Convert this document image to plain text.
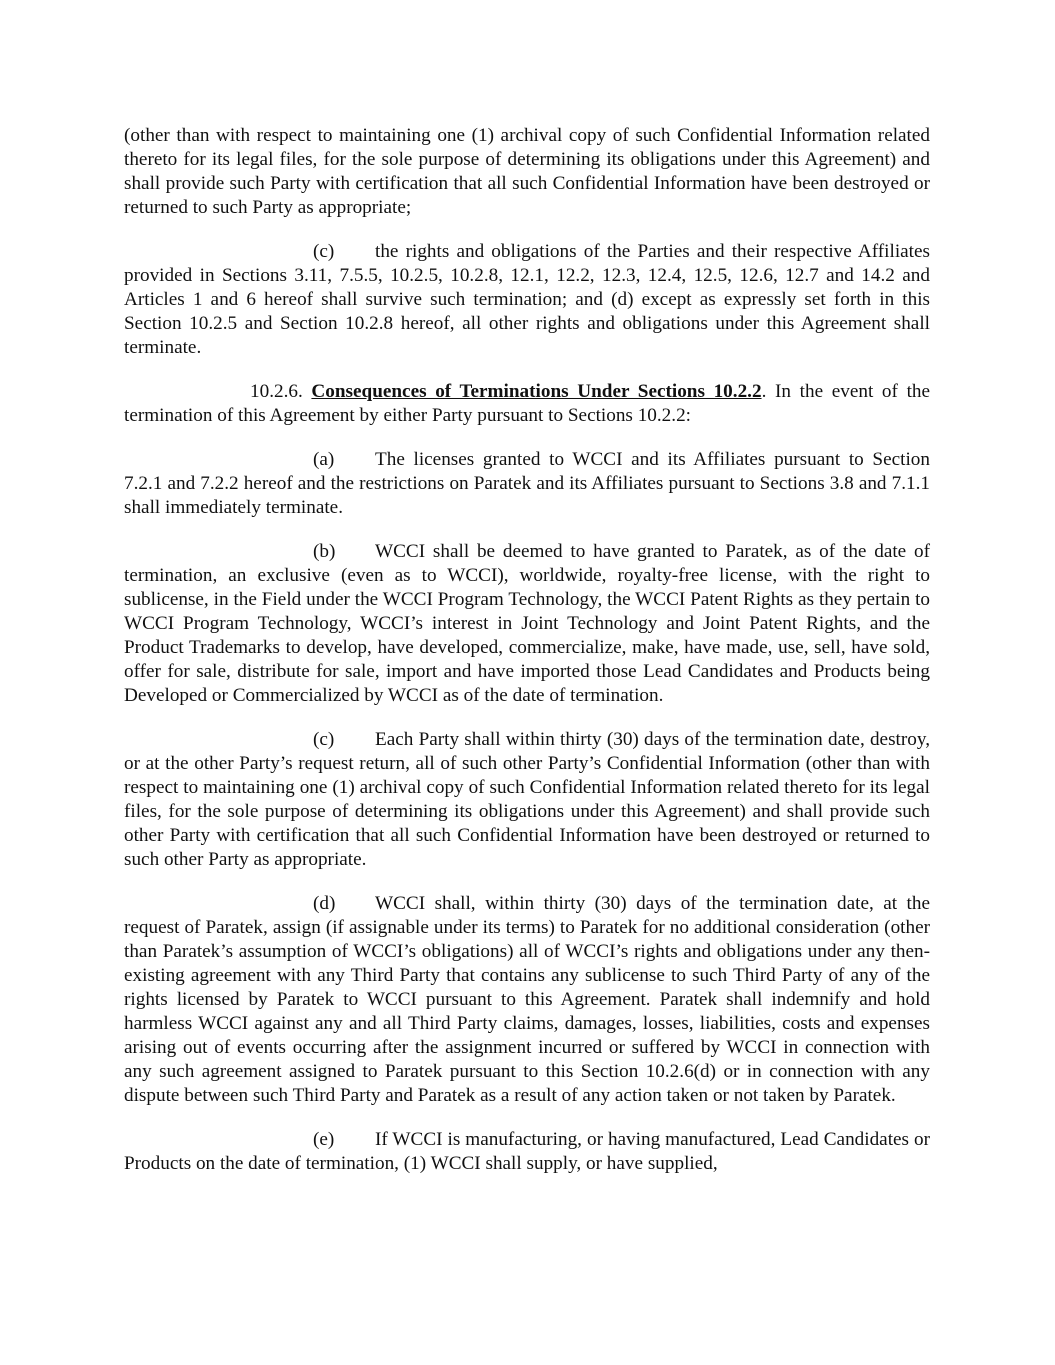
(other than with respect to maintaining one (1) archival copy of such Confidential Information related thereto for its legal files, for the sole purpose of determining its obligations under this Agreement) and shall provide such Party with certification that all such Confidential Information have been destroyed or returned to such Party as appropriate;

(c) the rights and obligations of the Parties and their respective Affiliates provided in Sections 3.11, 7.5.5, 10.2.5, 10.2.8, 12.1, 12.2, 12.3, 12.4, 12.5, 12.6, 12.7 and 14.2 and Articles 1 and 6 hereof shall survive such termination; and (d) except as expressly set forth in this Section 10.2.5 and Section 10.2.8 hereof, all other rights and obligations under this Agreement shall terminate.

10.2.6. Consequences of Terminations Under Sections 10.2.2. In the event of the termination of this Agreement by either Party pursuant to Sections 10.2.2:

(a) The licenses granted to WCCI and its Affiliates pursuant to Section 7.2.1 and 7.2.2 hereof and the restrictions on Paratek and its Affiliates pursuant to Sections 3.8 and 7.1.1 shall immediately terminate.

(b) WCCI shall be deemed to have granted to Paratek, as of the date of termination, an exclusive (even as to WCCI), worldwide, royalty-free license, with the right to sublicense, in the Field under the WCCI Program Technology, the WCCI Patent Rights as they pertain to WCCI Program Technology, WCCI’s interest in Joint Technology and Joint Patent Rights, and the Product Trademarks to develop, have developed, commercialize, make, have made, use, sell, have sold, offer for sale, distribute for sale, import and have imported those Lead Candidates and Products being Developed or Commercialized by WCCI as of the date of termination.

(c) Each Party shall within thirty (30) days of the termination date, destroy, or at the other Party’s request return, all of such other Party’s Confidential Information (other than with respect to maintaining one (1) archival copy of such Confidential Information related thereto for its legal files, for the sole purpose of determining its obligations under this Agreement) and shall provide such other Party with certification that all such Confidential Information have been destroyed or returned to such other Party as appropriate.

(d) WCCI shall, within thirty (30) days of the termination date, at the request of Paratek, assign (if assignable under its terms) to Paratek for no additional consideration (other than Paratek’s assumption of WCCI’s obligations) all of WCCI’s rights and obligations under any then-existing agreement with any Third Party that contains any sublicense to such Third Party of any of the rights licensed by Paratek to WCCI pursuant to this Agreement. Paratek shall indemnify and hold harmless WCCI against any and all Third Party claims, damages, losses, liabilities, costs and expenses arising out of events occurring after the assignment incurred or suffered by WCCI in connection with any such agreement assigned to Paratek pursuant to this Section 10.2.6(d) or in connection with any dispute between such Third Party and Paratek as a result of any action taken or not taken by Paratek.

(e) If WCCI is manufacturing, or having manufactured, Lead Candidates or Products on the date of termination, (1) WCCI shall supply, or have supplied,
